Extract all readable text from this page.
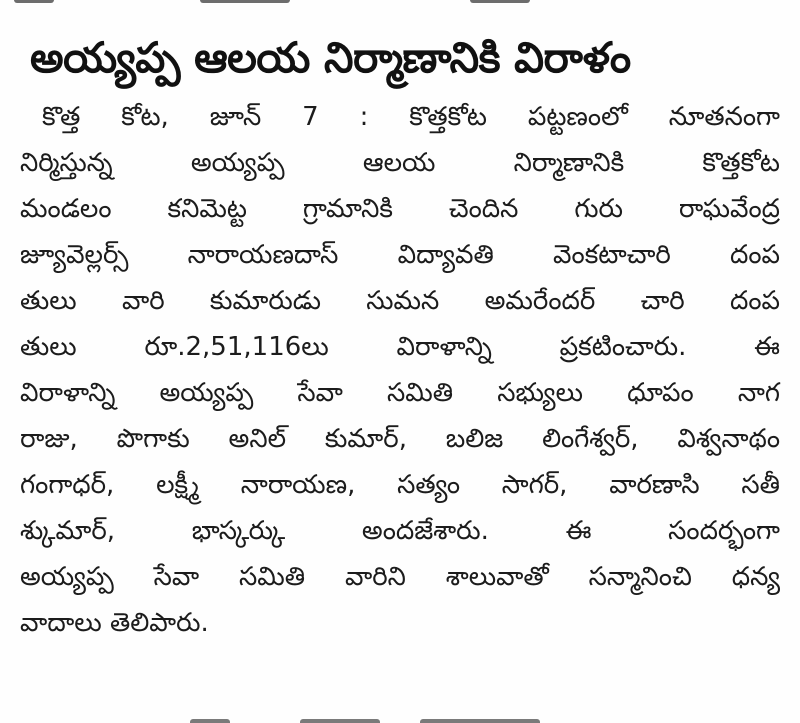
అయ్యప్ప ఆలయ నిర్మాణానికి విరాళం
కొత్త కోట, జూన్ 7 : కొత్తకోట పట్టణంలో నూతనంగా
నిర్మిస్తున్న అయ్యప్ప ఆలయ నిర్మాణానికి కొత్తకోట
మండలం కనిమెట్ట గ్రామానికి చెందిన గురు రాఘవేంద్ర
జ్యూవెల్లర్స్ నారాయణదాస్ విద్యావతి వెంకటాచారి దంప
తులు వారి కుమారుడు సుమన అమరేందర్ చారి దంప
తులు రూ.2,51,116లు విరాళాన్ని ప్రకటించారు. ఈ
విరాళాన్ని అయ్యప్ప సేవా సమితి సభ్యులు ధూపం నాగ
రాజు, పొగాకు అనిల్ కుమార్, బలిజ లింగేశ్వర్, విశ్వనాథం
గంగాధర్, లక్ష్మీ నారాయణ, సత్యం సాగర్, వారణాసి సతీ
శ్కుమార్, భాస్కర్కు అందజేశారు. ఈ సందర్భంగా
అయ్యప్ప సేవా సమితి వారిని శాలువాతో సన్మానించి ధన్య
వాదాలు తెలిపారు.
